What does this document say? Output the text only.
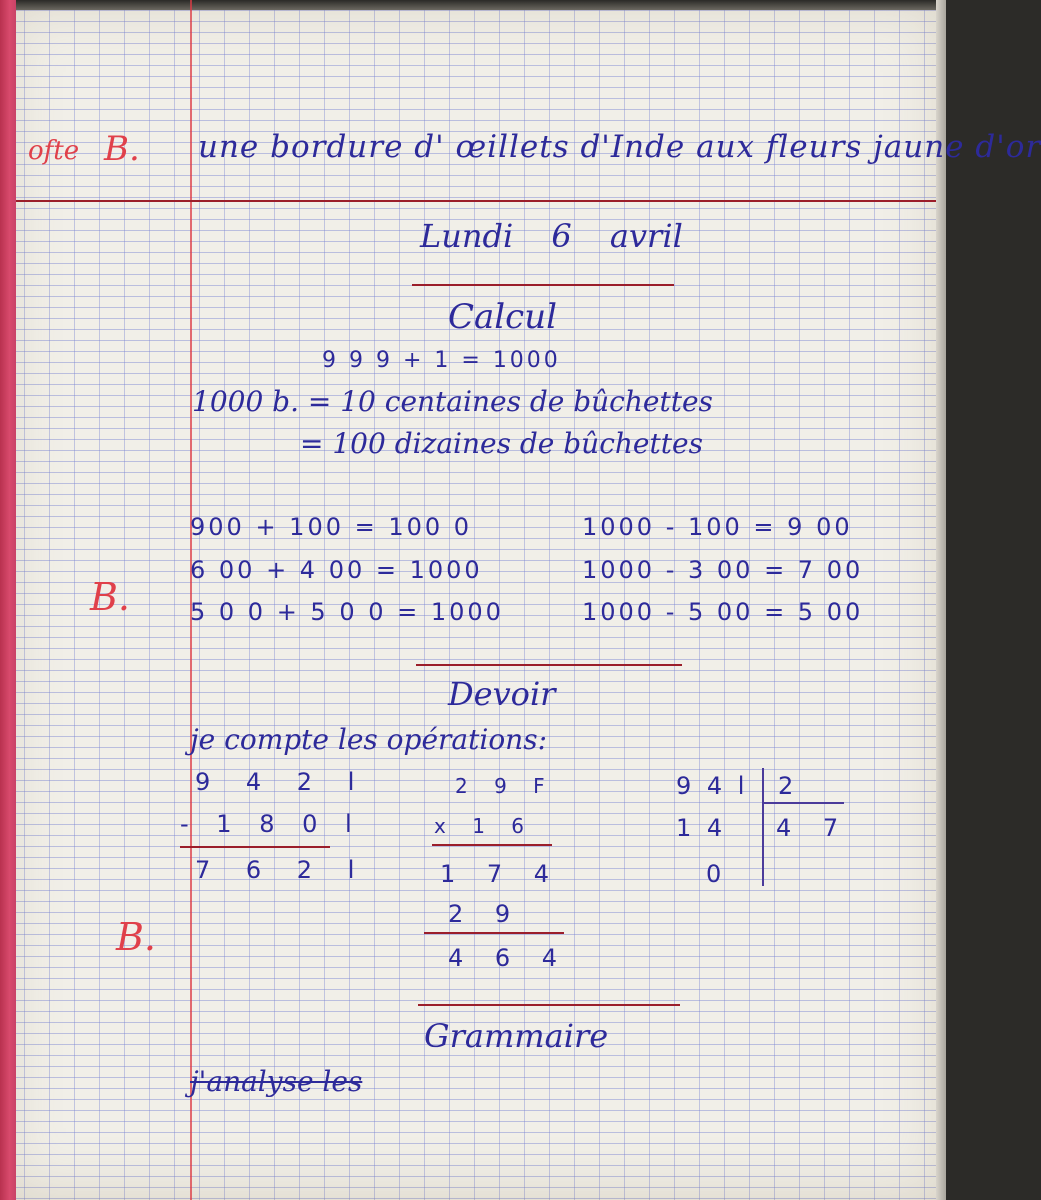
ofte B. une bordure d' œillets d'Inde aux fleurs jaune d'or
Lundi 6 avril
Calcul
9 9 9 + 1 = 1000
1000 b. = 10 centaines de bûchettes
= 100 dizaines de bûchettes
900 + 100 = 100 0
6 00 + 4 00 = 1000
5 0 0 + 5 0 0 = 1000
1000 - 100 = 9 00
1000 - 3 00 = 7 00
1000 - 5 00 = 5 00
B.
Devoir
je compte les opérations:
9 4 2 l
- 1 8 0 l
7 6 2 l
2 9 F
x 1 6
1 7 4
2 9
4 6 4
9 4 l 2
1 4 4 7
0
B.
Grammaire
j'analyse les
